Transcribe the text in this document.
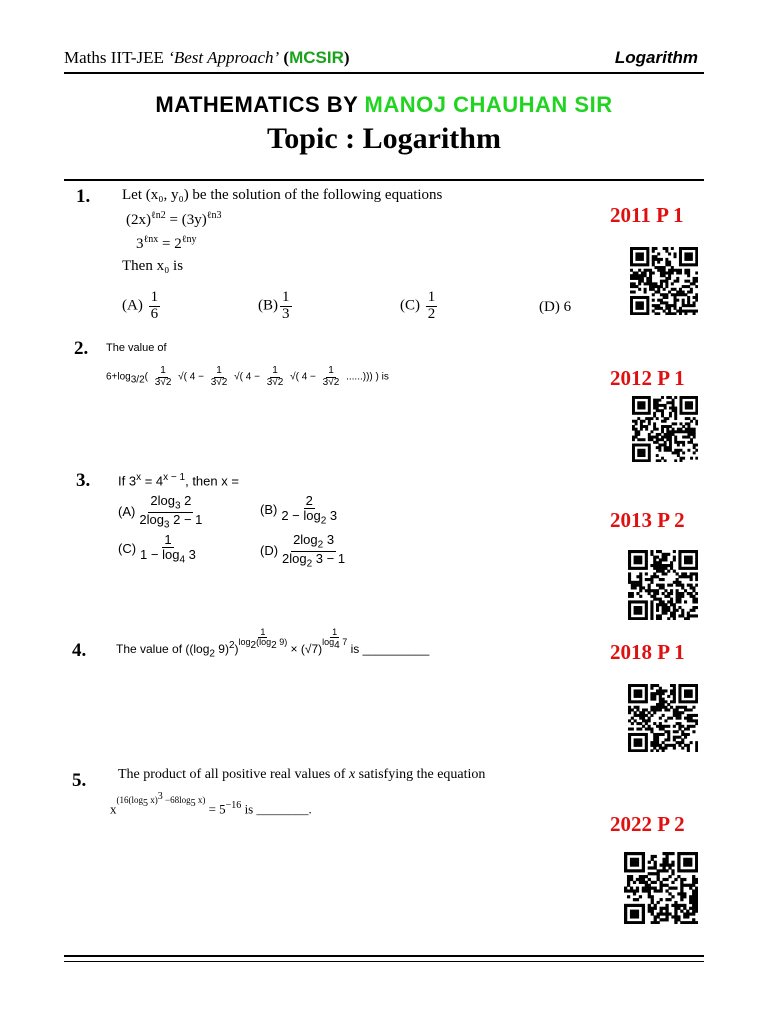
Maths IIT-JEE ‘Best Approach’ (MCSIR)	Logarithm
MATHEMATICS BY MANOJ CHAUHAN SIR
Topic : Logarithm
1. Let (x₀, y₀) be the solution of the following equations
$(2x)^{\ell n2} = (3y)^{\ell n3}$
$3^{\ell nx} = 2^{\ell ny}$
Then x₀ is
$(A) \frac{1}{6}$	$(B) \frac{1}{3}$	$(C) \frac{1}{2}$	(D) 6
2011 P 1
2. The value of
$6+\log_{3/2}( \frac{1}{3√2}$ √( $4 - \frac{1}{3√2}$ √( $4 - \frac{1}{3√2}$ √( $4 - \frac{1}{3√2}$ ......))) ) is	2012 P 1
3. If $3^x = 4^{x - 1}$, then x =
$(A) \frac{2\log_3 2}{2\log_3 2 - 1}$	$(B) \frac{2}{2 - \log_2 3}$
$(C) \frac{1}{1 - \log_4 3}$	$(D) \frac{2\log_2 3}{2\log_2 3 - 1}$
2013 P 2
4. The value of (($\log_2$ $9)^2) \frac{1}{\log_2(\log_2 9)} \times (√7) \frac{1}{\log_4 7}$ is __________	2018 P 1
5. The product of all positive real values of x satisfying the equation
$x^{(16(log_5 x)^3 -68log_5 x)} = 5^{-16}$ is ________.
2022 P 2
